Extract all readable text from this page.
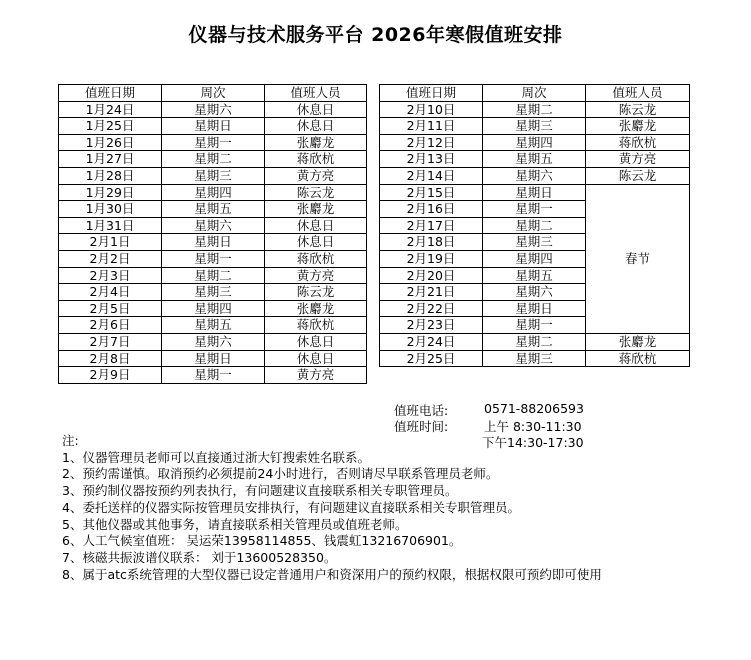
仪器与技术服务平台 2026年寒假值班安排
值班日期	周次	值班人员
1月24日	星期六	休息日
1月25日	星期日	休息日
1月26日	星期一	张麝龙
1月27日	星期二	蒋欣杭
1月28日	星期三	黄方亮
1月29日	星期四	陈云龙
1月30日	星期五	张麝龙
1月31日	星期六	休息日
2月1日	星期日	休息日
2月2日	星期一	蒋欣杭
2月3日	星期二	黄方亮
2月4日	星期三	陈云龙
2月5日	星期四	张麝龙
2月6日	星期五	蒋欣杭
2月7日	星期六	休息日
2月8日	星期日	休息日
2月9日	星期一	黄方亮
值班日期	周次	值班人员
2月10日	星期二	陈云龙
2月11日	星期三	张麝龙
2月12日	星期四	蒋欣杭
2月13日	星期五	黄方亮
2月14日	星期六	陈云龙
2月15日	星期日	春节
2月16日	星期一	
2月17日	星期二	
2月18日	星期三	
2月19日	星期四	
2月20日	星期五	
2月21日	星期六	
2月22日	星期日	
2月23日	星期一	
2月24日	星期二	张麝龙
2月25日	星期三	蒋欣杭
值班电话:	0571-88206593
值班时间:	上午 8:30-11:30
下午14:30-17:30
注:
1、仪器管理员老师可以直接通过浙大钉搜索姓名联系。
2、预约需谨慎。取消预约必须提前24小时进行，否则请尽早联系管理员老师。
3、预约制仪器按预约列表执行，有问题建议直接联系相关专职管理员。
4、委托送样的仪器实际按管理员安排执行，有问题建议直接联系相关专职管理员。
5、其他仪器或其他事务，请直接联系相关管理员或值班老师。
6、人工气候室值班： 吴运荣13958114855、钱震虹13216706901。
7、核磁共振波谱仪联系： 刘于13600528350。
8、属于atc系统管理的大型仪器已设定普通用户和资深用户的预约权限，根据权限可预约即可使用
